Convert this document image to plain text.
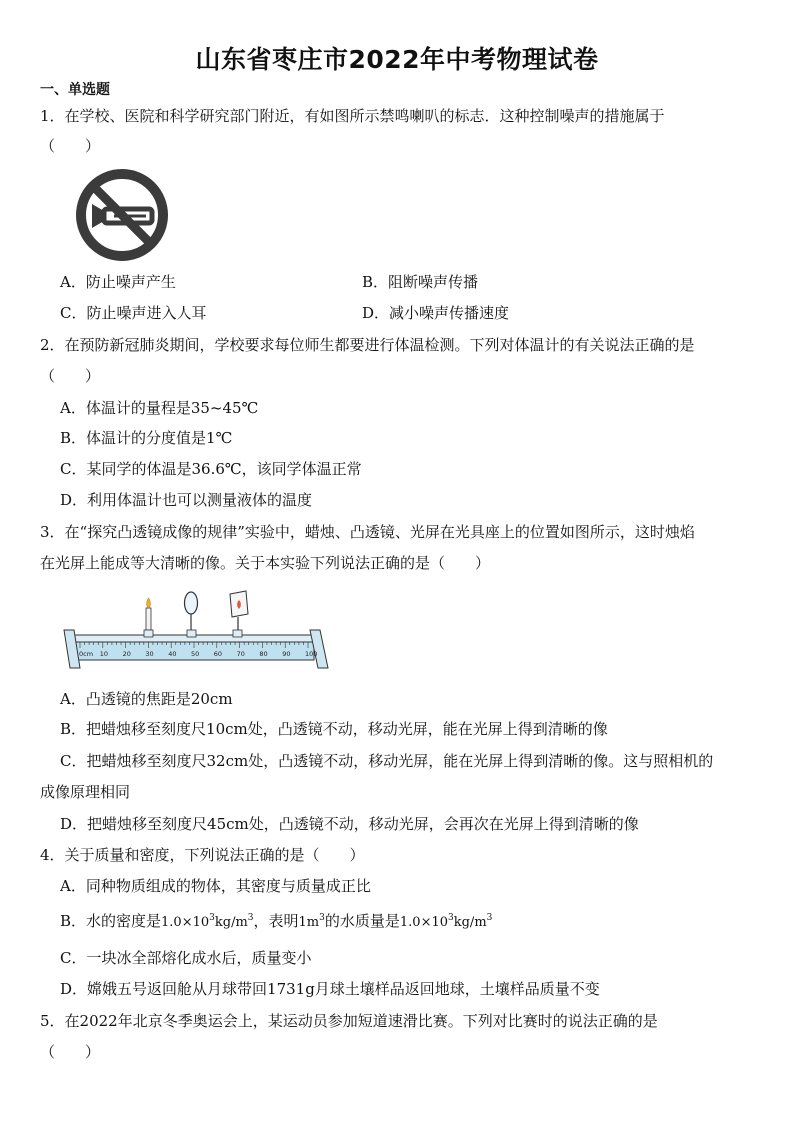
山东省枣庄市2022年中考物理试卷
一、单选题
1．在学校、医院和科学研究部门附近，有如图所示禁鸣喇叭的标志．这种控制噪声的措施属于
（　　）
A．防止噪声产生	B．阻断噪声传播
C．防止噪声进入人耳	D．减小噪声传播速度
2．在预防新冠肺炎期间，学校要求每位师生都要进行体温检测。下列对体温计的有关说法正确的是
（　　）
A．体温计的量程是35~45℃
B．体温计的分度值是1℃
C．某同学的体温是36.6℃，该同学体温正常
D．利用体温计也可以测量液体的温度
3．在“探究凸透镜成像的规律”实验中，蜡烛、凸透镜、光屏在光具座上的位置如图所示，这时烛焰
在光屏上能成等大清晰的像。关于本实验下列说法正确的是（　　）
0cm 10 20 30 40 50 60 70 80 90 100
A．凸透镜的焦距是20cm
B．把蜡烛移至刻度尺10cm处，凸透镜不动，移动光屏，能在光屏上得到清晰的像
C．把蜡烛移至刻度尺32cm处，凸透镜不动，移动光屏，能在光屏上得到清晰的像。这与照相机的
成像原理相同
D．把蜡烛移至刻度尺45cm处，凸透镜不动，移动光屏，会再次在光屏上得到清晰的像
4．关于质量和密度，下列说法正确的是（　　）
A．同种物质组成的物体，其密度与质量成正比
B．水的密度是$1.0\times 10^3kg/m^3$，表明$1m^3$的水质量是$1.0\times 10^3kg/m^3$
C．一块冰全部熔化成水后，质量变小
D．嫦娥五号返回舱从月球带回1731g月球土壤样品返回地球，土壤样品质量不变
5．在2022年北京冬季奥运会上，某运动员参加短道速滑比赛。下列对比赛时的说法正确的是
（　　）
